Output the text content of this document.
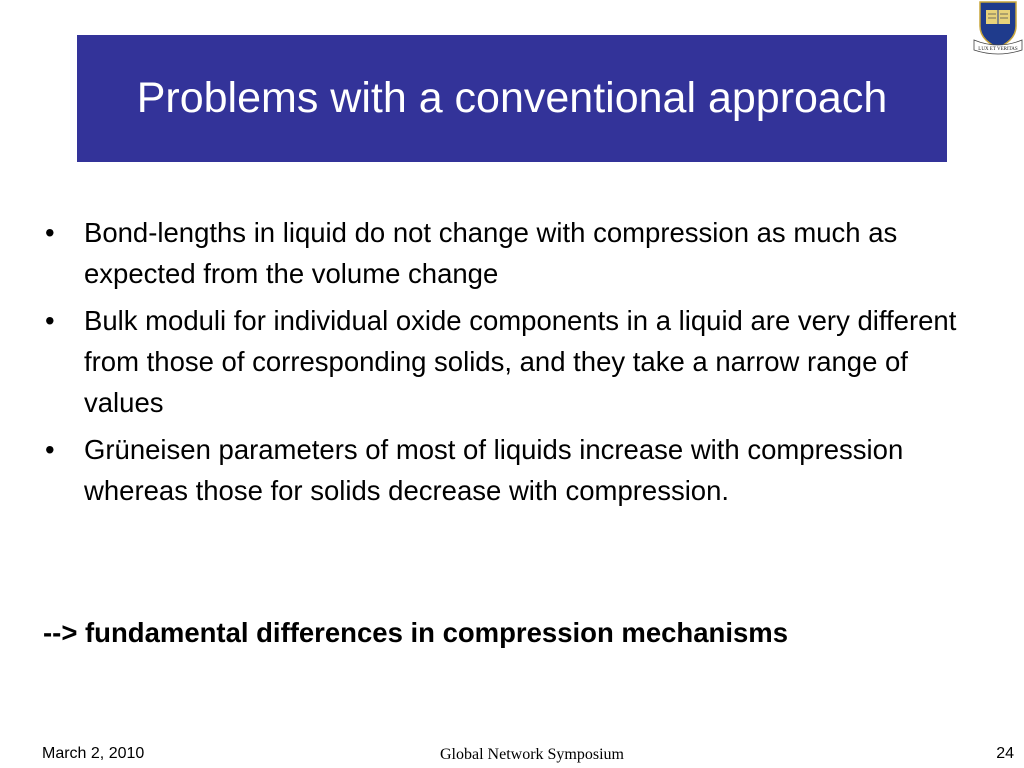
Problems with a conventional approach
LUX ET VERITAS
• Bond-lengths in liquid do not change with compression as much as expected from the volume change
• Bulk moduli for individual oxide components in a liquid are very different from those of corresponding solids, and they take a narrow range of values
• Grüneisen parameters of most of liquids increase with compression whereas those for solids decrease with compression.
--> fundamental differences in compression mechanisms
March 2, 2010	Global Network Symposium	24
